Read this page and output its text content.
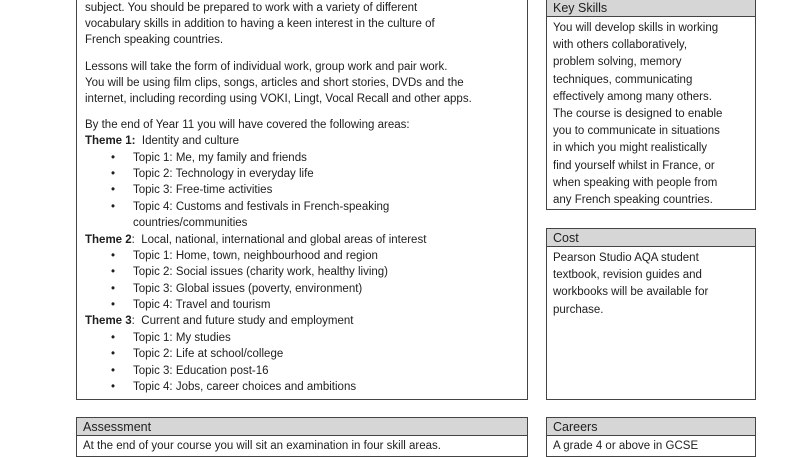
subject. You should be prepared to work with a variety of different

vocabulary skills in addition to having a keen interest in the culture of

French speaking countries.

Lessons will take the form of individual work, group work and pair work.

You will be using film clips, songs, articles and short stories, DVDs and the

internet, including recording using VOKI, Lingt, Vocal Recall and other apps.

By the end of Year 11 you will have covered the following areas:

Theme 1: Identity and culture
• Topic 1: Me, my family and friends
• Topic 2: Technology in everyday life
• Topic 3: Free-time activities
• Topic 4: Customs and festivals in French-speaking
countries/communities
Theme 2:  Local, national, international and global areas of interest
• Topic 1: Home, town, neighbourhood and region
• Topic 2: Social issues (charity work, healthy living)
• Topic 3: Global issues (poverty, environment)
• Topic 4: Travel and tourism
Theme 3:  Current and future study and employment
• Topic 1: My studies
• Topic 2: Life at school/college
• Topic 3: Education post-16
• Topic 4: Jobs, career choices and ambitions
Key Skills
You will develop skills in working
with others collaboratively,
problem solving, memory
techniques, communicating
effectively among many others.
The course is designed to enable
you to communicate in situations
in which you might realistically
find yourself whilst in France, or
when speaking with people from
any French speaking countries.
Cost
Pearson Studio AQA student
textbook, revision guides and
workbooks will be available for
purchase.
Assessment
At the end of your course you will sit an examination in four skill areas.
Careers
A grade 4 or above in GCSE
